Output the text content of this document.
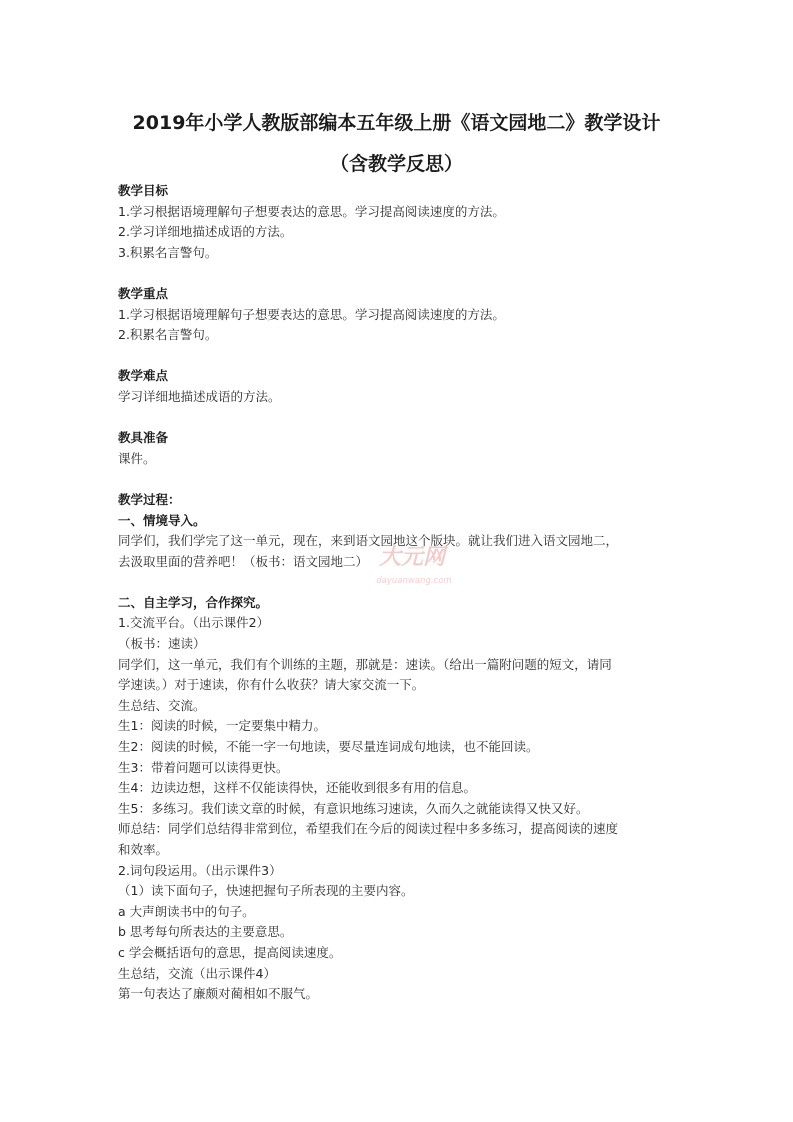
2019年小学人教版部编本五年级上册《语文园地二》教学设计
（含教学反思）
教学目标
1.学习根据语境理解句子想要表达的意思。学习提高阅读速度的方法。
2.学习详细地描述成语的方法。
3.积累名言警句。
教学重点
1.学习根据语境理解句子想要表达的意思。学习提高阅读速度的方法。
2.积累名言警句。
教学难点
学习详细地描述成语的方法。
教具准备
课件。
教学过程：
一、情境导入。
同学们，我们学完了这一单元，现在，来到语文园地这个版块。就让我们进入语文园地二，
去汲取里面的营养吧！（板书：语文园地二）
二、自主学习，合作探究。
1.交流平台。（出示课件2）
（板书：速读）
同学们，这一单元，我们有个训练的主题，那就是：速读。（给出一篇附问题的短文，请同
学速读。）对于速读，你有什么收获？请大家交流一下。
生总结、交流。
生1：阅读的时候，一定要集中精力。
生2：阅读的时候，不能一字一句地读，要尽量连词成句地读，也不能回读。
生3：带着问题可以读得更快。
生4：边读边想，这样不仅能读得快，还能收到很多有用的信息。
生5：多练习。我们读文章的时候，有意识地练习速读，久而久之就能读得又快又好。
师总结：同学们总结得非常到位，希望我们在今后的阅读过程中多多练习，提高阅读的速度
和效率。
2.词句段运用。（出示课件3）
（1）读下面句子，快速把握句子所表现的主要内容。
a 大声朗读书中的句子。
b 思考每句所表达的主要意思。
c 学会概括语句的意思，提高阅读速度。
生总结，交流（出示课件4）
第一句表达了廉颇对蔺相如不服气。
大元网
dayuanwang.com
